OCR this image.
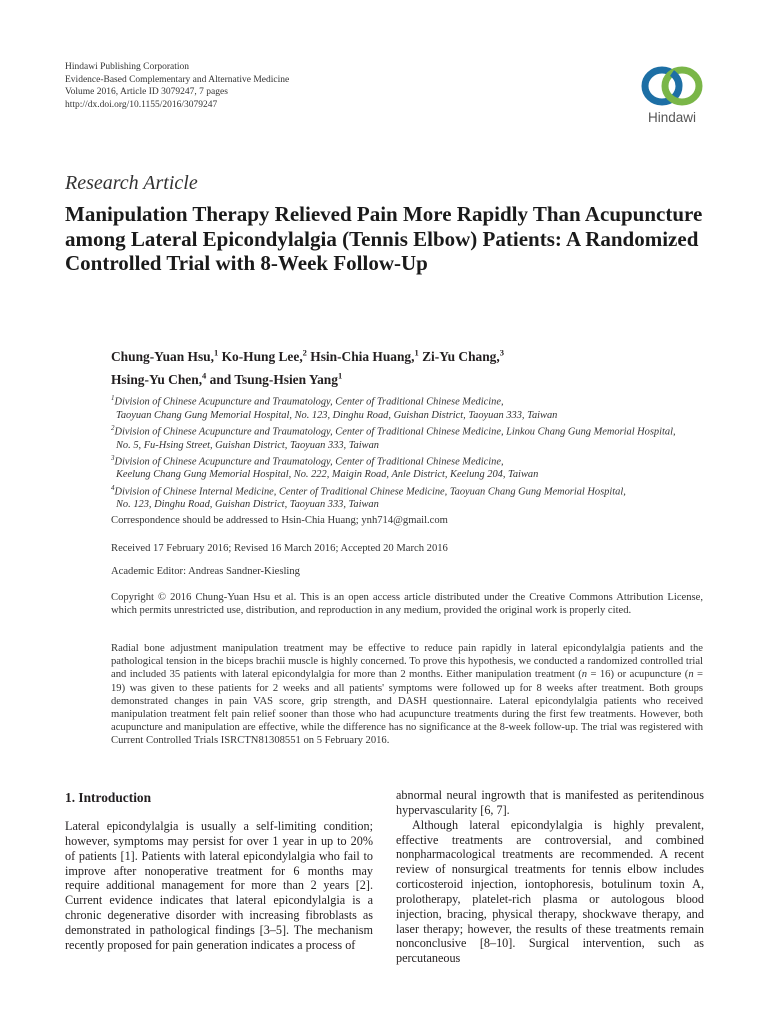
Hindawi Publishing Corporation
Evidence-Based Complementary and Alternative Medicine
Volume 2016, Article ID 3079247, 7 pages
http://dx.doi.org/10.1155/2016/3079247
Hindawi
Research Article
Manipulation Therapy Relieved Pain More Rapidly Than Acupuncture among Lateral Epicondylalgia (Tennis Elbow) Patients: A Randomized Controlled Trial with 8-Week Follow-Up
Chung-Yuan Hsu,$^1$ Ko-Hung Lee,$^2$ Hsin-Chia Huang,$^1$ Zi-Yu Chang,$^3$
Hsing-Yu Chen,$^4$ and Tsung-Hsien Yang$^1$
$^1$Division of Chinese Acupuncture and Traumatology, Center of Traditional Chinese Medicine,
Taoyuan Chang Gung Memorial Hospital, No. 123, Dinghu Road, Guishan District, Taoyuan 333, Taiwan
$^2$Division of Chinese Acupuncture and Traumatology, Center of Traditional Chinese Medicine, Linkou Chang Gung Memorial Hospital,
No. 5, Fu-Hsing Street, Guishan District, Taoyuan 333, Taiwan
$^3$Division of Chinese Acupuncture and Traumatology, Center of Traditional Chinese Medicine,
Keelung Chang Gung Memorial Hospital, No. 222, Maigin Road, Anle District, Keelung 204, Taiwan
$^4$Division of Chinese Internal Medicine, Center of Traditional Chinese Medicine, Taoyuan Chang Gung Memorial Hospital,
No. 123, Dinghu Road, Guishan District, Taoyuan 333, Taiwan
Correspondence should be addressed to Hsin-Chia Huang; ynh714@gmail.com
Received 17 February 2016; Revised 16 March 2016; Accepted 20 March 2016
Academic Editor: Andreas Sandner-Kiesling
Copyright © 2016 Chung-Yuan Hsu et al. This is an open access article distributed under the Creative Commons Attribution License, which permits unrestricted use, distribution, and reproduction in any medium, provided the original work is properly cited.
Radial bone adjustment manipulation treatment may be effective to reduce pain rapidly in lateral epicondylalgia patients and the pathological tension in the biceps brachii muscle is highly concerned. To prove this hypothesis, we conducted a randomized controlled trial and included 35 patients with lateral epicondylalgia for more than 2 months. Either manipulation treatment (n = 16) or acupuncture (n = 19) was given to these patients for 2 weeks and all patients' symptoms were followed up for 8 weeks after treatment. Both groups demonstrated changes in pain VAS score, grip strength, and DASH questionnaire. Lateral epicondylalgia patients who received manipulation treatment felt pain relief sooner than those who had acupuncture treatments during the first few treatments. However, both acupuncture and manipulation are effective, while the difference has no significance at the 8-week follow-up. The trial was registered with Current Controlled Trials ISRCTN81308551 on 5 February 2016.
1. Introduction

Lateral epicondylalgia is usually a self-limiting condition; however, symptoms may persist for over 1 year in up to 20% of patients [1]. Patients with lateral epicondylalgia who fail to improve after nonoperative treatment for 6 months may require additional management for more than 2 years [2]. Current evidence indicates that lateral epicondylalgia is a chronic degenerative disorder with increasing fibroblasts as demonstrated in pathological findings [3–5]. The mechanism recently proposed for pain generation indicates a process of

abnormal neural ingrowth that is manifested as peritendinous hypervascularity [6, 7].

Although lateral epicondylalgia is highly prevalent, effective treatments are controversial, and combined nonpharmacological treatments are recommended. A recent review of nonsurgical treatments for tennis elbow includes corticosteroid injection, iontophoresis, botulinum toxin A, prolotherapy, platelet-rich plasma or autologous blood injection, bracing, physical therapy, shockwave therapy, and laser therapy; however, the results of these treatments remain nonconclusive [8–10]. Surgical intervention, such as percutaneous
